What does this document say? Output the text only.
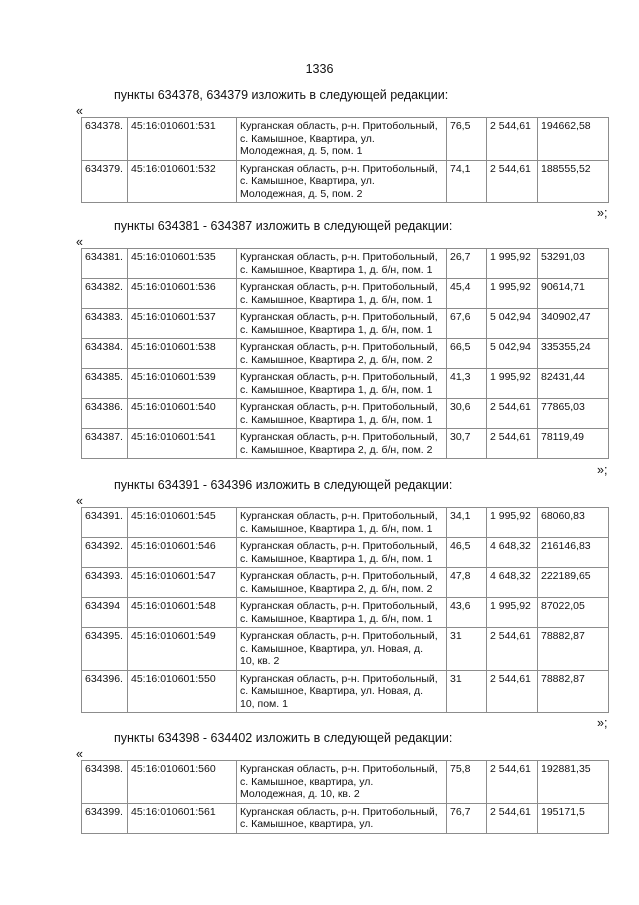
1336
пункты 634378, 634379 изложить в следующей редакции:
«
634378.	45:16:010601:531	Курганская область, р-н. Притобольный,
с. Камышное, Квартира, ул.
Молодежная, д. 5, пом. 1	76,5	2 544,61	194662,58
634379.	45:16:010601:532	Курганская область, р-н. Притобольный,
с. Камышное, Квартира, ул.
Молодежная, д. 5, пом. 2	74,1	2 544,61	188555,52
»;
пункты 634381 - 634387 изложить в следующей редакции:
«
634381.	45:16:010601:535	Курганская область, р-н. Притобольный,
с. Камышное, Квартира 1, д. б/н, пом. 1	26,7	1 995,92	53291,03
634382.	45:16:010601:536	Курганская область, р-н. Притобольный,
с. Камышное, Квартира 1, д. б/н, пом. 1	45,4	1 995,92	90614,71
634383.	45:16:010601:537	Курганская область, р-н. Притобольный,
с. Камышное, Квартира 1, д. б/н, пом. 1	67,6	5 042,94	340902,47
634384.	45:16:010601:538	Курганская область, р-н. Притобольный,
с. Камышное, Квартира 2, д. б/н, пом. 2	66,5	5 042,94	335355,24
634385.	45:16:010601:539	Курганская область, р-н. Притобольный,
с. Камышное, Квартира 1, д. б/н, пом. 1	41,3	1 995,92	82431,44
634386.	45:16:010601:540	Курганская область, р-н. Притобольный,
с. Камышное, Квартира 1, д. б/н, пом. 1	30,6	2 544,61	77865,03
634387.	45:16:010601:541	Курганская область, р-н. Притобольный,
с. Камышное, Квартира 2, д. б/н, пом. 2	30,7	2 544,61	78119,49
»;
пункты 634391 - 634396 изложить в следующей редакции:
«
634391.	45:16:010601:545	Курганская область, р-н. Притобольный,
с. Камышное, Квартира 1, д. б/н, пом. 1	34,1	1 995,92	68060,83
634392.	45:16:010601:546	Курганская область, р-н. Притобольный,
с. Камышное, Квартира 1, д. б/н, пом. 1	46,5	4 648,32	216146,83
634393.	45:16:010601:547	Курганская область, р-н. Притобольный,
с. Камышное, Квартира 2, д. б/н, пом. 2	47,8	4 648,32	222189,65
634394	45:16:010601:548	Курганская область, р-н. Притобольный,
с. Камышное, Квартира 1, д. б/н, пом. 1	43,6	1 995,92	87022,05
634395.	45:16:010601:549	Курганская область, р-н. Притобольный,
с. Камышное, Квартира, ул. Новая, д.
10, кв. 2	31	2 544,61	78882,87
634396.	45:16:010601:550	Курганская область, р-н. Притобольный,
с. Камышное, Квартира, ул. Новая, д.
10, пом. 1	31	2 544,61	78882,87
»;
пункты 634398 - 634402 изложить в следующей редакции:
«
634398.	45:16:010601:560	Курганская область, р-н. Притобольный,
с. Камышное, квартира, ул.
Молодежная, д. 10, кв. 2	75,8	2 544,61	192881,35
634399.	45:16:010601:561	Курганская область, р-н. Притобольный,
с. Камышное, квартира, ул.	76,7	2 544,61	195171,5
